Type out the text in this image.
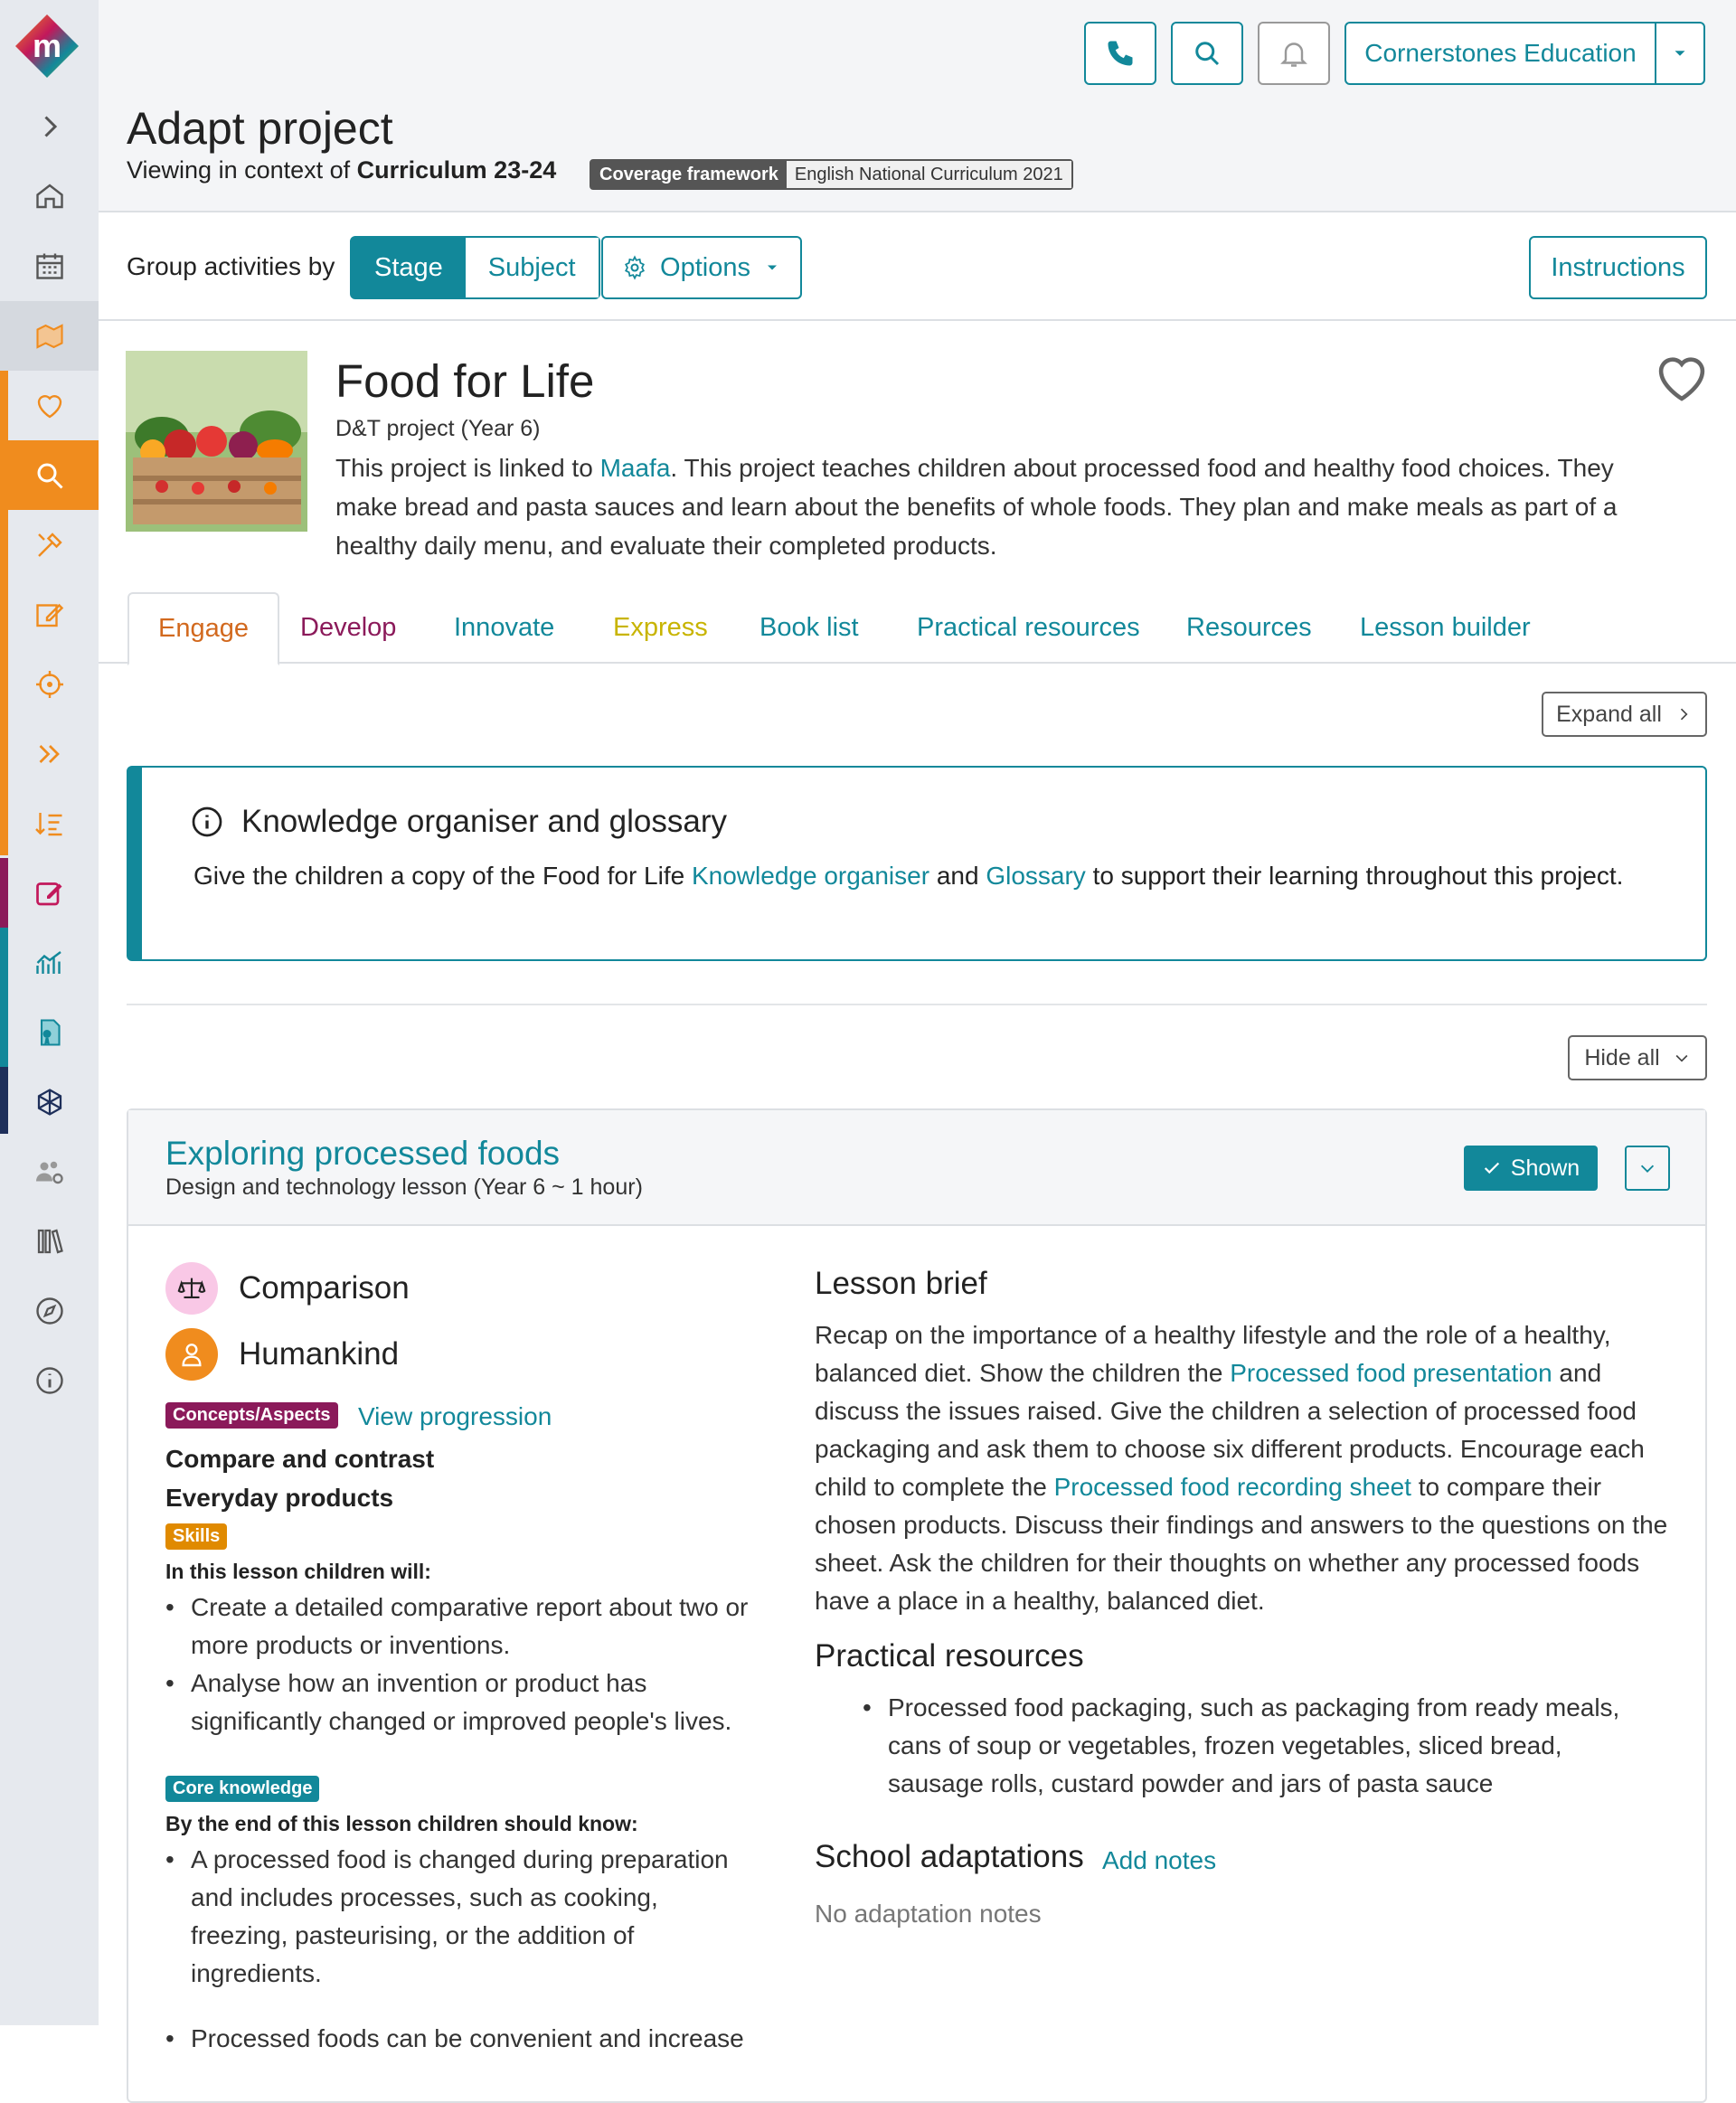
m	Cornerstones Education
Adapt project
Viewing in context of Curriculum 23-24	Coverage framework English National Curriculum 2021
Group activities by	Stage	Subject	Options	Instructions
Food for Life
D&T project (Year 6)
This project is linked to Maafa. This project teaches children about processed food and healthy food choices. They make bread and pasta sauces and learn about the benefits of whole foods. They plan and make meals as part of a healthy daily menu, and evaluate their completed products.
Engage Develop Innovate Express Book list Practical resources Resources Lesson builder
Expand all
Knowledge organiser and glossary
Give the children a copy of the Food for Life Knowledge organiser and Glossary to support their learning throughout this project.
Hide all
Exploring processed foods
Design and technology lesson (Year 6 ~ 1 hour)
Shown
Comparison
Humankind
Concepts/Aspects View progression
Compare and contrast
Everyday products
Skills
In this lesson children will:
• Create a detailed comparative report about two or more products or inventions.
• Analyse how an invention or product has significantly changed or improved people's lives.
Core knowledge
By the end of this lesson children should know:
• A processed food is changed during preparation and includes processes, such as cooking, freezing, pasteurising, or the addition of ingredients.
• Processed foods can be convenient and increase
Lesson brief
Recap on the importance of a healthy lifestyle and the role of a healthy, balanced diet. Show the children the Processed food presentation and discuss the issues raised. Give the children a selection of processed food packaging and ask them to choose six different products. Encourage each child to complete the Processed food recording sheet to compare their chosen products. Discuss their findings and answers to the questions on the sheet. Ask the children for their thoughts on whether any processed foods have a place in a healthy, balanced diet.
Practical resources
• Processed food packaging, such as packaging from ready meals, cans of soup or vegetables, frozen vegetables, sliced bread, sausage rolls, custard powder and jars of pasta sauce
School adaptations Add notes
No adaptation notes
